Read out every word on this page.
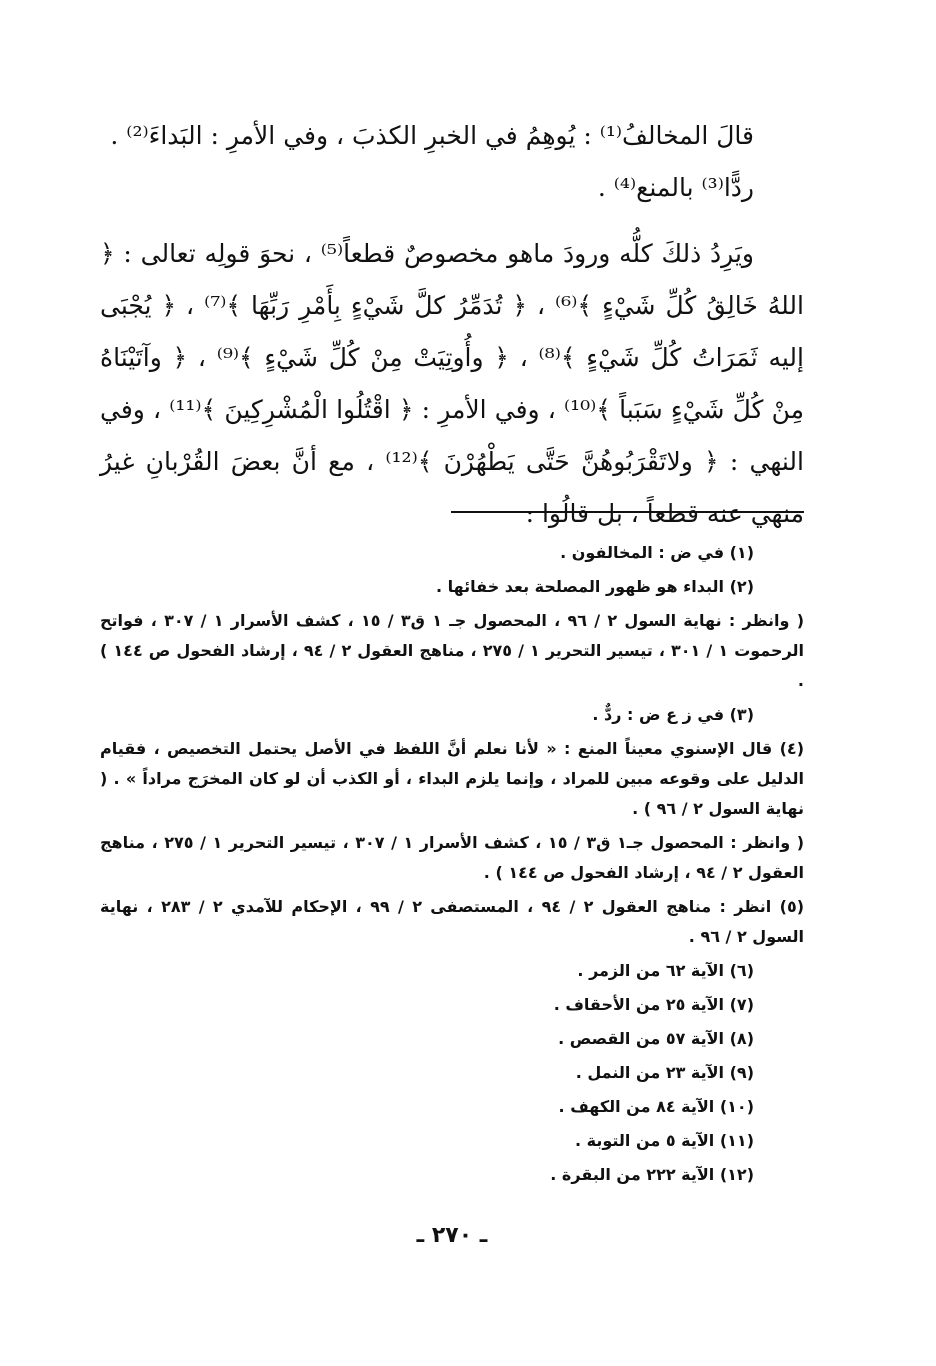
قالَ المخالفُ⁽¹⁾ : يُوهِمُ في الخبرِ الكذبَ ، وفي الأمرِ : البَداءَ⁽²⁾ .

ردًّا⁽³⁾ بالمنع⁽⁴⁾ .

ويَرِدُ ذلكَ كلُّه ورودَ ماهو مخصوصٌ قطعاً⁽⁵⁾ ، نحوَ قولِه تعالى : ﴿ اللهُ خَالِقُ كُلِّ شَيْءٍ ﴾⁽⁶⁾ ، ﴿ تُدَمِّرُ كلَّ شَيْءٍ بِأَمْرِ رَبِّهَا ﴾⁽⁷⁾ ، ﴿ يُجْبَى إليه ثَمَرَاتُ كُلِّ شَيْءٍ ﴾⁽⁸⁾ ، ﴿ وأُوتِيَتْ مِنْ كُلِّ شَيْءٍ ﴾⁽⁹⁾ ، ﴿ وآتَيْنَاهُ مِنْ كُلِّ شَيْءٍ سَبَباً ﴾⁽¹⁰⁾ ، وفي الأمرِ : ﴿ اقْتُلُوا الْمُشْرِكِينَ ﴾⁽¹¹⁾ ، وفي النهي : ﴿ ولاتَقْرَبُوهُنَّ حَتَّى يَطْهُرْنَ ﴾⁽¹²⁾ ، مع أنَّ بعضَ القُرْبانِ غيرُ منهي عنه قطعاً ، بل قالُوا :

(١) في ض : المخالفون .

(٢) البداء هو ظهور المصلحة بعد خفائها .

( وانظر : نهاية السول ٢ / ٩٦ ، المحصول جـ ١ ق٣ / ١٥ ، كشف الأسرار ١ / ٣٠٧ ، فواتح الرحموت ١ / ٣٠١ ، تيسير التحرير ١ / ٢٧٥ ، مناهج العقول ٢ / ٩٤ ، إرشاد الفحول ص ١٤٤ ) .

(٣) في ز ع ض : ردٌّ .

(٤) قال الإسنوي معيناً المنع : « لأنا نعلم أنَّ اللفظ في الأصل يحتمل التخصيص ، فقيام الدليل على وقوعه مبين للمراد ، وإنما يلزم البداء ، أو الكذب أن لو كان المخرَج مراداً » . ( نهاية السول ٢ / ٩٦ ) .

( وانظر : المحصول جـ١ ق٣ / ١٥ ، كشف الأسرار ١ / ٣٠٧ ، تيسير التحرير ١ / ٢٧٥ ، مناهج العقول ٢ / ٩٤ ، إرشاد الفحول ص ١٤٤ ) .

(٥) انظر : مناهج العقول ٢ / ٩٤ ، المستصفى ٢ / ٩٩ ، الإحكام للآمدي ٢ / ٢٨٣ ، نهاية السول ٢ / ٩٦ .

(٦) الآية ٦٢ من الزمر .

(٧) الآية ٢٥ من الأحقاف .

(٨) الآية ٥٧ من القصص .

(٩) الآية ٢٣ من النمل .

(١٠) الآية ٨٤ من الكهف .

(١١) الآية ٥ من التوبة .

(١٢) الآية ٢٢٢ من البقرة .

ـ ٢٧٠ ـ
